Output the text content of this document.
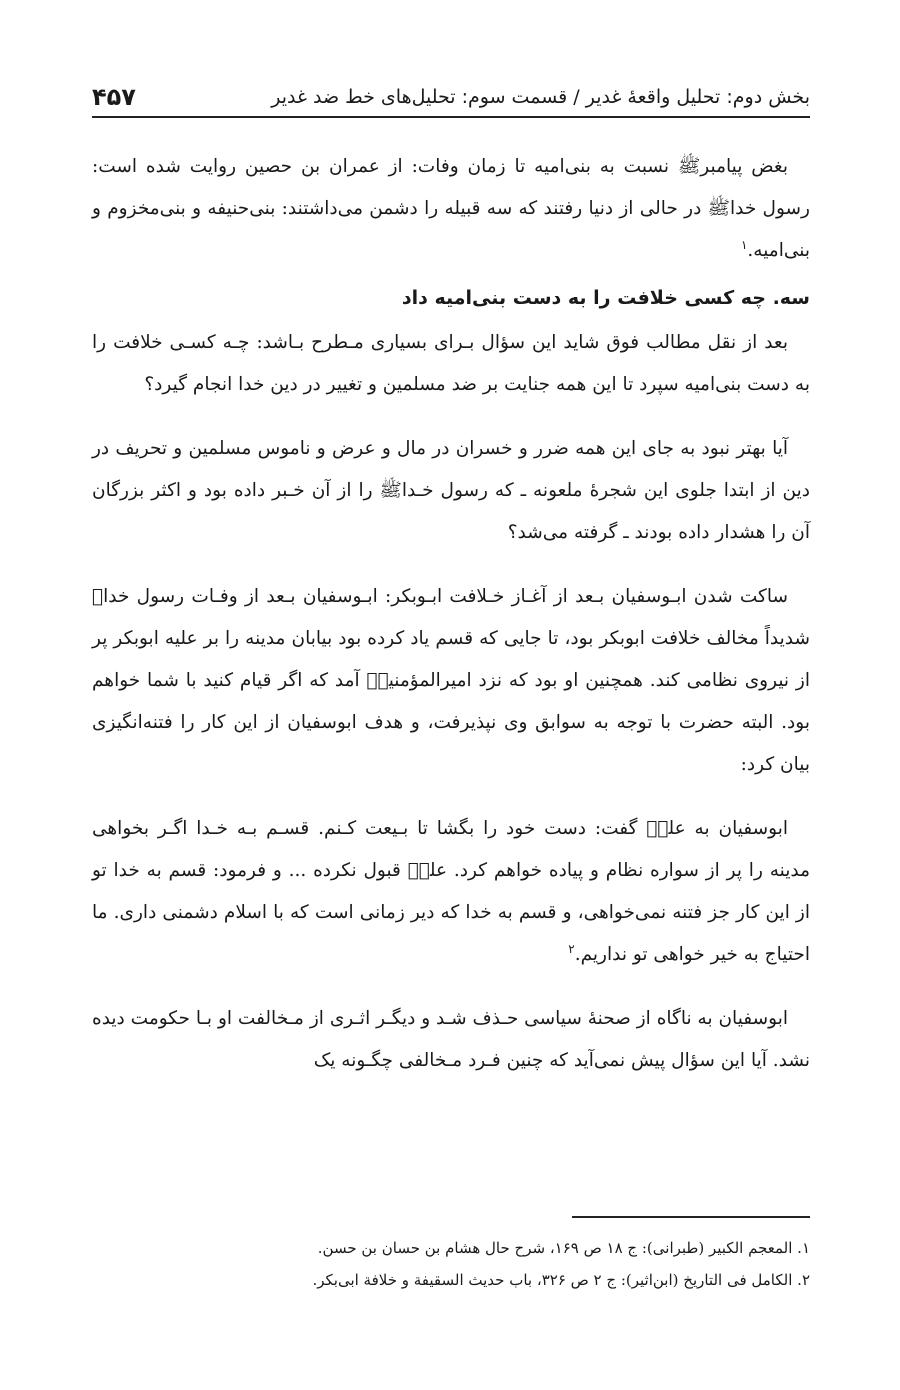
بخش دوم: تحلیل واقعهٔ غدیر / قسمت سوم: تحلیل‌های خط ضد غدیر
۴۵۷

بغض پیامبرﷺ نسبت به بنی‌امیه تا زمان وفات: از عمران بن حصین روایت شده است: رسول خداﷺ در حالی از دنیا رفتند که سه قبیله را دشمن می‌داشتند: بنی‌حنیفه و بنی‌مخزوم و بنی‌امیه.$^۱$

سه. چه کسی خلافت را به دست بنی‌امیه داد

بعد از نقل مطالب فوق شاید این سؤال بـرای بسیاری مـطرح بـاشد: چـه کسـی خلافت را به دست بنی‌امیه سپرد تا این همه جنایت بر ضد مسلمین و تغییر در دین خدا انجام گیرد؟

آیا بهتر نبود به جای این همه ضرر و خسران در مال و عرض و ناموس مسلمین و تحریف در دین از ابتدا جلوی این شجرهٔ ملعونه ـ که رسول خـداﷺ را از آن خـبر داده بود و اکثر بزرگان آن را هشدار داده بودند ـ گرفته می‌شد؟

ساکت شدن ابـوسفیان بـعد از آغـاز خـلافت ابـوبکر: ابـوسفیان بـعد از وفـات رسول خداﷺ شدیداً مخالف خلافت ابوبکر بود، تا جایی که قسم یاد کرده بود بیابان مدینه را بر علیه ابوبکر پر از نیروی نظامی کند. همچنین او بود که نزد امیرالمؤمنینؑ آمد که اگر قیام کنید با شما خواهم بود. البته حضرت با توجه به سوابق وی نپذیرفت، و هدف ابوسفیان از این کار را فتنه‌انگیزی بیان کرد:

ابوسفیان به علیؑ گفت: دست خود را بگشا تا بـیعت کـنم. قسـم بـه خـدا اگـر بخواهی مدینه را پر از سواره نظام و پیاده خواهم کرد. علیؑ قبول نکرده ... و فرمود: قسم به خدا تو از این کار جز فتنه نمی‌خواهی، و قسم به خدا که دیر زمانی است که با اسلام دشمنی داری. ما احتیاج به خیر خواهی تو نداریم.$^۲$

ابوسفیان به ناگاه از صحنهٔ سیاسی حـذف شـد و دیگـر اثـری از مـخالفت او بـا حکومت دیده نشد. آیا این سؤال پیش نمی‌آید که چنین فـرد مـخالفی چگـونه یک

۱. المعجم الکبیر (طبرانی): ج ۱۸ ص ۱۶۹، شرح حال هشام بن حسان بن حسن.

۲. الکامل فی التاریخ (ابن‌اثیر): ج ۲ ص ۳۲۶، باب حدیث السقیفة و خلافة ابی‌بکر.
